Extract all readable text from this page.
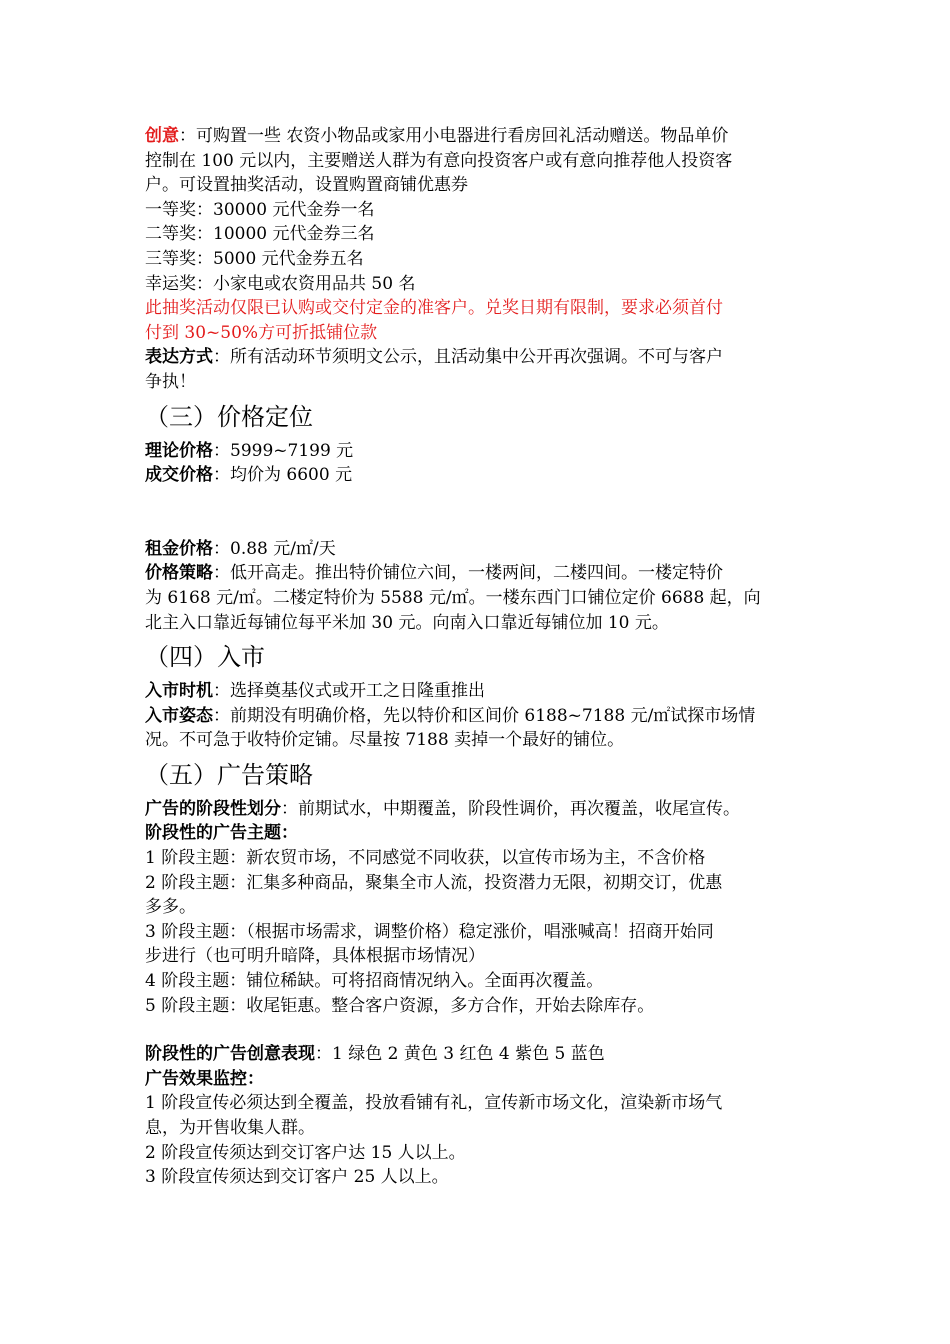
创意：可购置一些 农资小物品或家用小电器进行看房回礼活动赠送。物品单价
控制在 100 元以内，主要赠送人群为有意向投资客户或有意向推荐他人投资客
户。可设置抽奖活动，设置购置商铺优惠券
一等奖：30000 元代金券一名
二等奖：10000 元代金券三名
三等奖：5000 元代金券五名
幸运奖：小家电或农资用品共 50 名
此抽奖活动仅限已认购或交付定金的准客户。兑奖日期有限制，要求必须首付
付到 30~50%方可折抵铺位款
表达方式：所有活动环节须明文公示，且活动集中公开再次强调。不可与客户
争执！
（三）价格定位
理论价格：5999~7199 元
成交价格：均价为 6600 元
租金价格：0.88 元/㎡/天
价格策略：低开高走。推出特价铺位六间，一楼两间，二楼四间。一楼定特价
为 6168 元/㎡。二楼定特价为 5588 元/㎡。一楼东西门口铺位定价 6688 起，向
北主入口靠近每铺位每平米加 30 元。向南入口靠近每铺位加 10 元。
（四）入市
入市时机：选择奠基仪式或开工之日隆重推出
入市姿态：前期没有明确价格，先以特价和区间价 6188~7188 元/㎡试探市场情
况。不可急于收特价定铺。尽量按 7188 卖掉一个最好的铺位。
（五）广告策略
广告的阶段性划分：前期试水，中期覆盖，阶段性调价，再次覆盖，收尾宣传。
阶段性的广告主题：
1 阶段主题：新农贸市场，不同感觉不同收获，以宣传市场为主，不含价格
2 阶段主题：汇集多种商品，聚集全市人流，投资潜力无限，初期交订，优惠
多多。
3 阶段主题：（根据市场需求，调整价格）稳定涨价，唱涨喊高！招商开始同
步进行（也可明升暗降，具体根据市场情况）
4 阶段主题：铺位稀缺。可将招商情况纳入。全面再次覆盖。
5 阶段主题：收尾钜惠。整合客户资源，多方合作，开始去除库存。
阶段性的广告创意表现：1 绿色 2 黄色 3 红色 4 紫色 5 蓝色
广告效果监控：
1 阶段宣传必须达到全覆盖，投放看铺有礼，宣传新市场文化，渲染新市场气
息，为开售收集人群。
2 阶段宣传须达到交订客户达 15 人以上。
3 阶段宣传须达到交订客户 25 人以上。
